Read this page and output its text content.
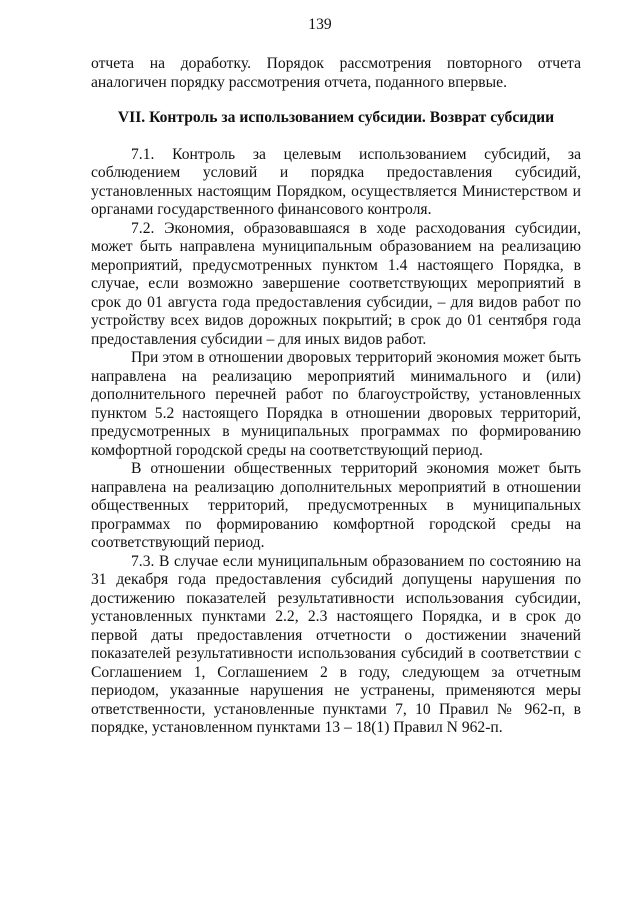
139

отчета на доработку. Порядок рассмотрения повторного отчета аналогичен порядку рассмотрения отчета, поданного впервые.

VII. Контроль за использованием субсидии. Возврат субсидии

7.1. Контроль за целевым использованием субсидий, за соблюдением условий и порядка предоставления субсидий, установленных настоящим Порядком, осуществляется Министерством и органами государственного финансового контроля.

7.2. Экономия, образовавшаяся в ходе расходования субсидии, может быть направлена муниципальным образованием на реализацию мероприятий, предусмотренных пунктом 1.4 настоящего Порядка, в случае, если возможно завершение соответствующих мероприятий в срок до 01 августа года предоставления субсидии, – для видов работ по устройству всех видов дорожных покрытий; в срок до 01 сентября года предоставления субсидии – для иных видов работ.

При этом в отношении дворовых территорий экономия может быть направлена на реализацию мероприятий минимального и (или) дополнительного перечней работ по благоустройству, установленных пунктом 5.2 настоящего Порядка в отношении дворовых территорий, предусмотренных в муниципальных программах по формированию комфортной городской среды на соответствующий период.

В отношении общественных территорий экономия может быть направлена на реализацию дополнительных мероприятий в отношении общественных территорий, предусмотренных в муниципальных программах по формированию комфортной городской среды на соответствующий период.

7.3. В случае если муниципальным образованием по состоянию на 31 декабря года предоставления субсидий допущены нарушения по достижению показателей результативности использования субсидии, установленных пунктами 2.2, 2.3 настоящего Порядка, и в срок до первой даты предоставления отчетности о достижении значений показателей результативности использования субсидий в соответствии с Соглашением 1, Соглашением 2 в году, следующем за отчетным периодом, указанные нарушения не устранены, применяются меры ответственности, установленные пунктами 7, 10 Правил № 962-п, в порядке, установленном пунктами 13 – 18(1) Правил N 962-п.
